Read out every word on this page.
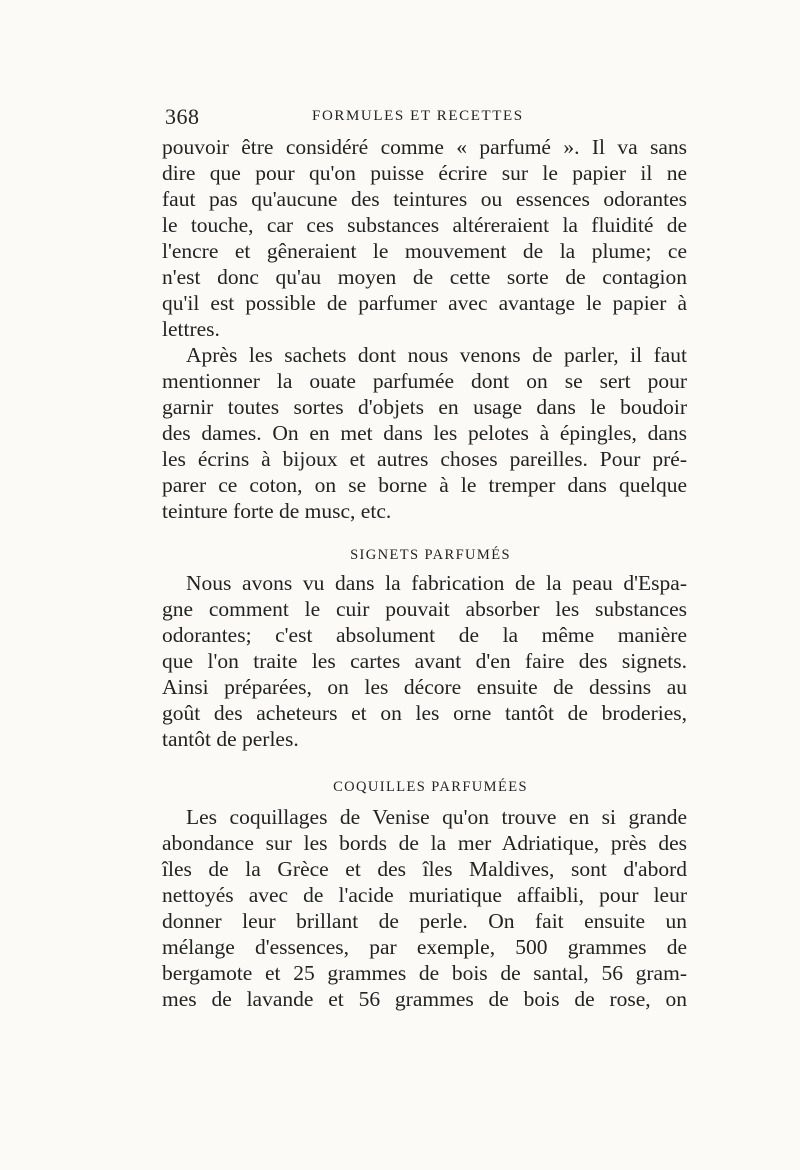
368	FORMULES ET RECETTES
pouvoir être considéré comme « parfumé ». Il va sans
dire que pour qu'on puisse écrire sur le papier il ne
faut pas qu'aucune des teintures ou essences odorantes
le touche, car ces substances altéreraient la fluidité de
l'encre et gêneraient le mouvement de la plume; ce
n'est donc qu'au moyen de cette sorte de contagion
qu'il est possible de parfumer avec avantage le papier à
lettres.
Après les sachets dont nous venons de parler, il faut
mentionner la ouate parfumée dont on se sert pour
garnir toutes sortes d'objets en usage dans le boudoir
des dames. On en met dans les pelotes à épingles, dans
les écrins à bijoux et autres choses pareilles. Pour pré-
parer ce coton, on se borne à le tremper dans quelque
teinture forte de musc, etc.
SIGNETS PARFUMÉS
Nous avons vu dans la fabrication de la peau d'Espa-
gne comment le cuir pouvait absorber les substances
odorantes; c'est absolument de la même manière
que l'on traite les cartes avant d'en faire des signets.
Ainsi préparées, on les décore ensuite de dessins au
goût des acheteurs et on les orne tantôt de broderies,
tantôt de perles.
COQUILLES PARFUMÉES
Les coquillages de Venise qu'on trouve en si grande
abondance sur les bords de la mer Adriatique, près des
îles de la Grèce et des îles Maldives, sont d'abord
nettoyés avec de l'acide muriatique affaibli, pour leur
donner leur brillant de perle. On fait ensuite un
mélange d'essences, par exemple, 500 grammes de
bergamote et 25 grammes de bois de santal, 56 gram-
mes de lavande et 56 grammes de bois de rose, on
